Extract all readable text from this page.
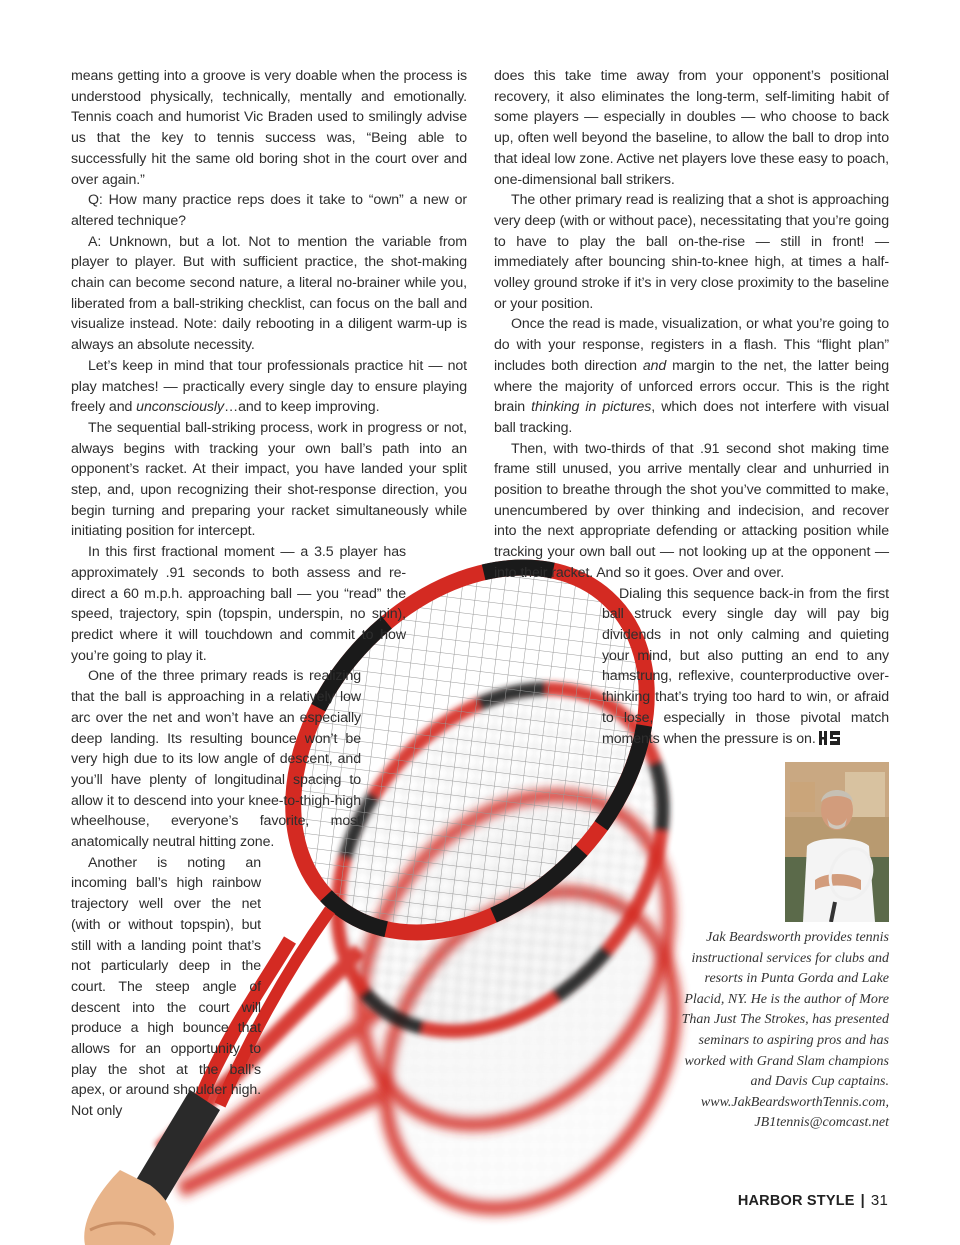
means getting into a groove is very doable when the process is understood physically, technically, mentally and emotionally. Tennis coach and humorist Vic Braden used to smilingly advise us that the key to tennis success was, “Being able to successfully hit the same old boring shot in the court over and over again.”

Q: How many practice reps does it take to “own” a new or altered technique?

A: Unknown, but a lot. Not to mention the variable from player to player. But with sufficient practice, the shot-making chain can become second nature, a literal no-brainer while you, liberated from a ball-striking checklist, can focus on the ball and visualize instead. Note: daily rebooting in a diligent warm-up is always an absolute necessity.

Let’s keep in mind that tour professionals practice hit — not play matches! — practically every single day to ensure playing freely and unconsciously…and to keep improving.

The sequential ball-striking process, work in progress or not, always begins with tracking your own ball’s path into an opponent’s racket. At their impact, you have landed your split step, and, upon recognizing their shot-response direction, you begin turning and preparing your racket simultaneously while initiating position for intercept.

In this first fractional moment — a 3.5 player has approximately .91 seconds to both assess and re-direct a 60 m.p.h. approaching ball — you “read” the speed, trajectory, spin (topspin, underspin, no spin), predict where it will touchdown and commit to how you’re going to play it.

One of the three primary reads is realizing that the ball is approaching in a relatively low arc over the net and won’t have an especially deep landing. Its resulting bounce won’t be very high due to its low angle of descent, and you’ll have plenty of longitudinal spacing to allow it to descend into your knee-to-thigh-high wheelhouse, everyone’s favorite, most anatomically neutral hitting zone.

Another is noting an incoming ball’s high rainbow trajectory well over the net (with or without topspin), but still with a landing point that’s not particularly deep in the court. The steep angle of descent into the court will produce a high bounce that allows for an opportunity to play the shot at the ball’s apex, or around shoulder high. Not only

does this take time away from your opponent’s positional recovery, it also eliminates the long-term, self-limiting habit of some players — especially in doubles — who choose to back up, often well beyond the baseline, to allow the ball to drop into that ideal low zone. Active net players love these easy to poach, one-dimensional ball strikers.

The other primary read is realizing that a shot is approaching very deep (with or without pace), necessitating that you’re going to have to play the ball on-the-rise — still in front! — immediately after bouncing shin-to-knee high, at times a half-volley ground stroke if it’s in very close proximity to the baseline or your position.

Once the read is made, visualization, or what you’re going to do with your response, registers in a flash. This “flight plan” includes both direction and margin to the net, the latter being where the majority of unforced errors occur. This is the right brain thinking in pictures, which does not interfere with visual ball tracking.

Then, with two-thirds of that .91 second shot making time frame still unused, you arrive mentally clear and unhurried in position to breathe through the shot you’ve committed to make, unencumbered by over thinking and indecision, and recover into the next appropriate defending or attacking position while tracking your own ball out — not looking up at the opponent — into their racket. And so it goes. Over and over.

Dialing this sequence back-in from the first ball struck every single day will pay big dividends in not only calming and quieting your mind, but also putting an end to any hamstrung, reflexive, counterproductive over-thinking that’s trying too hard to win, or afraid to lose, especially in those pivotal match moments when the pressure is on.

Jak Beardsworth provides tennis instructional services for clubs and resorts in Punta Gorda and Lake Placid, NY. He is the author of More Than Just The Strokes, has presented seminars to aspiring pros and has worked with Grand Slam champions and Davis Cup captains. www.JakBeardsworthTennis.com, JB1tennis@comcast.net
HARBOR STYLE | 31
